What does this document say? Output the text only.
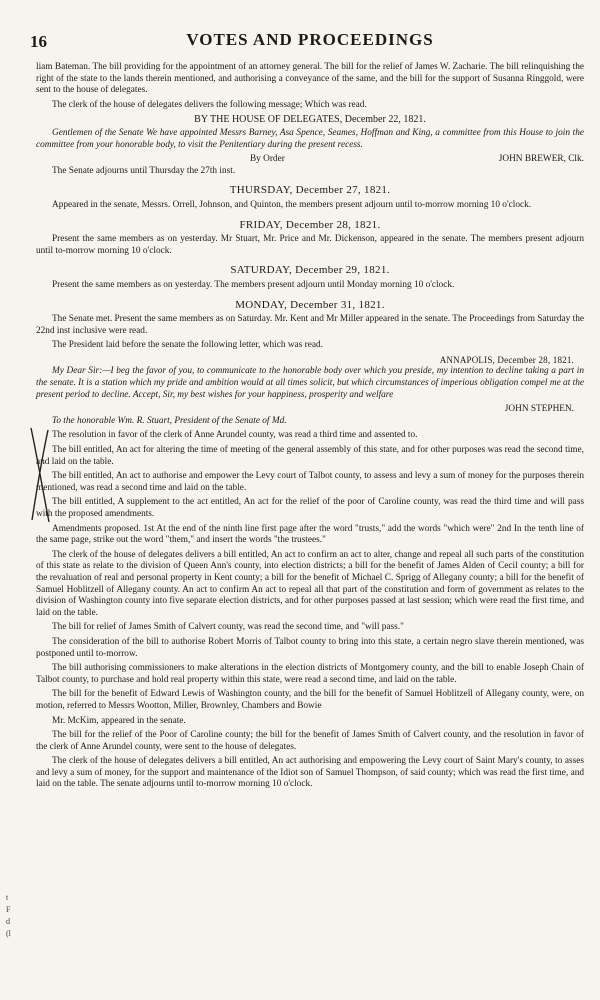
16	VOTES AND PROCEEDINGS

liam Bateman. The bill providing for the appointment of an attorney general. The bill for the relief of James W. Zacharie. The bill relinquishing the right of the state to the lands therein mentioned, and authorising a conveyance of the same, and the bill for the support of Susanna Ringgold, were sent to the house of delegates.

The clerk of the house of delegates delivers the following message; Which was read.

BY THE HOUSE OF DELEGATES, December 22, 1821.

Gentlemen of the Senate We have appointed Messrs Barney, Asa Spence, Seames, Hoffman and King, a committee from this House to join the committee from your honorable body, to visit the Penitentiary during the present recess.

By Order	JOHN BREWER, Clk.

The Senate adjourns until Thursday the 27th inst.

THURSDAY, December 27, 1821.

Appeared in the senate, Messrs. Orrell, Johnson, and Quinton, the members present adjourn until to-morrow morning 10 o'clock.

FRIDAY, December 28, 1821.

Present the same members as on yesterday. Mr Stuart, Mr. Price and Mr. Dickenson, appeared in the senate. The members present adjourn until to-morrow morning 10 o'clock.

SATURDAY, December 29, 1821.

Present the same members as on yesterday. The members present adjourn until Monday morning 10 o'clock.

MONDAY, December 31, 1821.

The Senate met. Present the same members as on Saturday. Mr. Kent and Mr Miller appeared in the senate. The Proceedings from Saturday the 22nd inst inclusive were read.

The President laid before the senate the following letter, which was read.

ANNAPOLIS, December 28, 1821.

My Dear Sir:—I beg the favor of you, to communicate to the honorable body over which you preside, my intention to decline taking a part in the senate. It is a station which my pride and ambition would at all times solicit, but which circumstances of imperious obligation compel me at the present period to decline. Accept, Sir, my best wishes for your happiness, prosperity and welfare

JOHN STEPHEN.

To the honorable Wm. R. Stuart, President of the Senate of Md.

The resolution in favor of the clerk of Anne Arundel county, was read a third time and assented to.

The bill entitled, An act for altering the time of meeting of the general assembly of this state, and for other purposes was read the second time, and laid on the table.

The bill entitled, An act to authorise and empower the Levy court of Talbot county, to assess and levy a sum of money for the purposes therein mentioned, was read a second time and laid on the table.

The bill entitled, A supplement to the act entitled, An act for the relief of the poor of Caroline county, was read the third time and will pass with the proposed amendments.

Amendments proposed. 1st At the end of the ninth line first page after the word "trusts," add the words "which were" 2nd In the tenth line of the same page, strike out the word "them," and insert the words "the trustees."

The clerk of the house of delegates delivers a bill entitled, An act to confirm an act to alter, change and repeal all such parts of the constitution of this state as relate to the division of Queen Ann's county, into election districts; a bill for the benefit of James Alden of Cecil county; a bill for the revaluation of real and personal property in Kent county; a bill for the benefit of Michael C. Sprigg of Allegany county; a bill for the benefit of Samuel Hoblitzell of Allegany county. An act to confirm An act to repeal all that part of the constitution and form of government as relates to the division of Washington county into five separate election districts, and for other purposes passed at last session; which were read the first time, and laid on the table.

The bill for relief of James Smith of Calvert county, was read the second time, and "will pass."

The consideration of the bill to authorise Robert Morris of Talbot county to bring into this state, a certain negro slave therein mentioned, was postponed until to-morrow.

The bill authorising commissioners to make alterations in the election districts of Montgomery county, and the bill to enable Joseph Chain of Talbot county, to purchase and hold real property within this state, were read a second time, and laid on the table.

The bill for the benefit of Edward Lewis of Washington county, and the bill for the benefit of Samuel Hoblitzell of Allegany county, were, on motion, referred to Messrs Wootton, Miller, Brownley, Chambers and Bowie

Mr. McKim, appeared in the senate.

The bill for the relief of the Poor of Caroline county; the bill for the benefit of James Smith of Calvert county, and the resolution in favor of the clerk of Anne Arundel county, were sent to the house of delegates.

The clerk of the house of delegates delivers a bill entitled, An act authorising and empowering the Levy court of Saint Mary's county, to asses and levy a sum of money, for the support and maintenance of the Idiot son of Samuel Thompson, of said county; which was read the first time, and laid on the table. The senate adjourns until to-morrow morning 10 o'clock.

t
F
d
(l
